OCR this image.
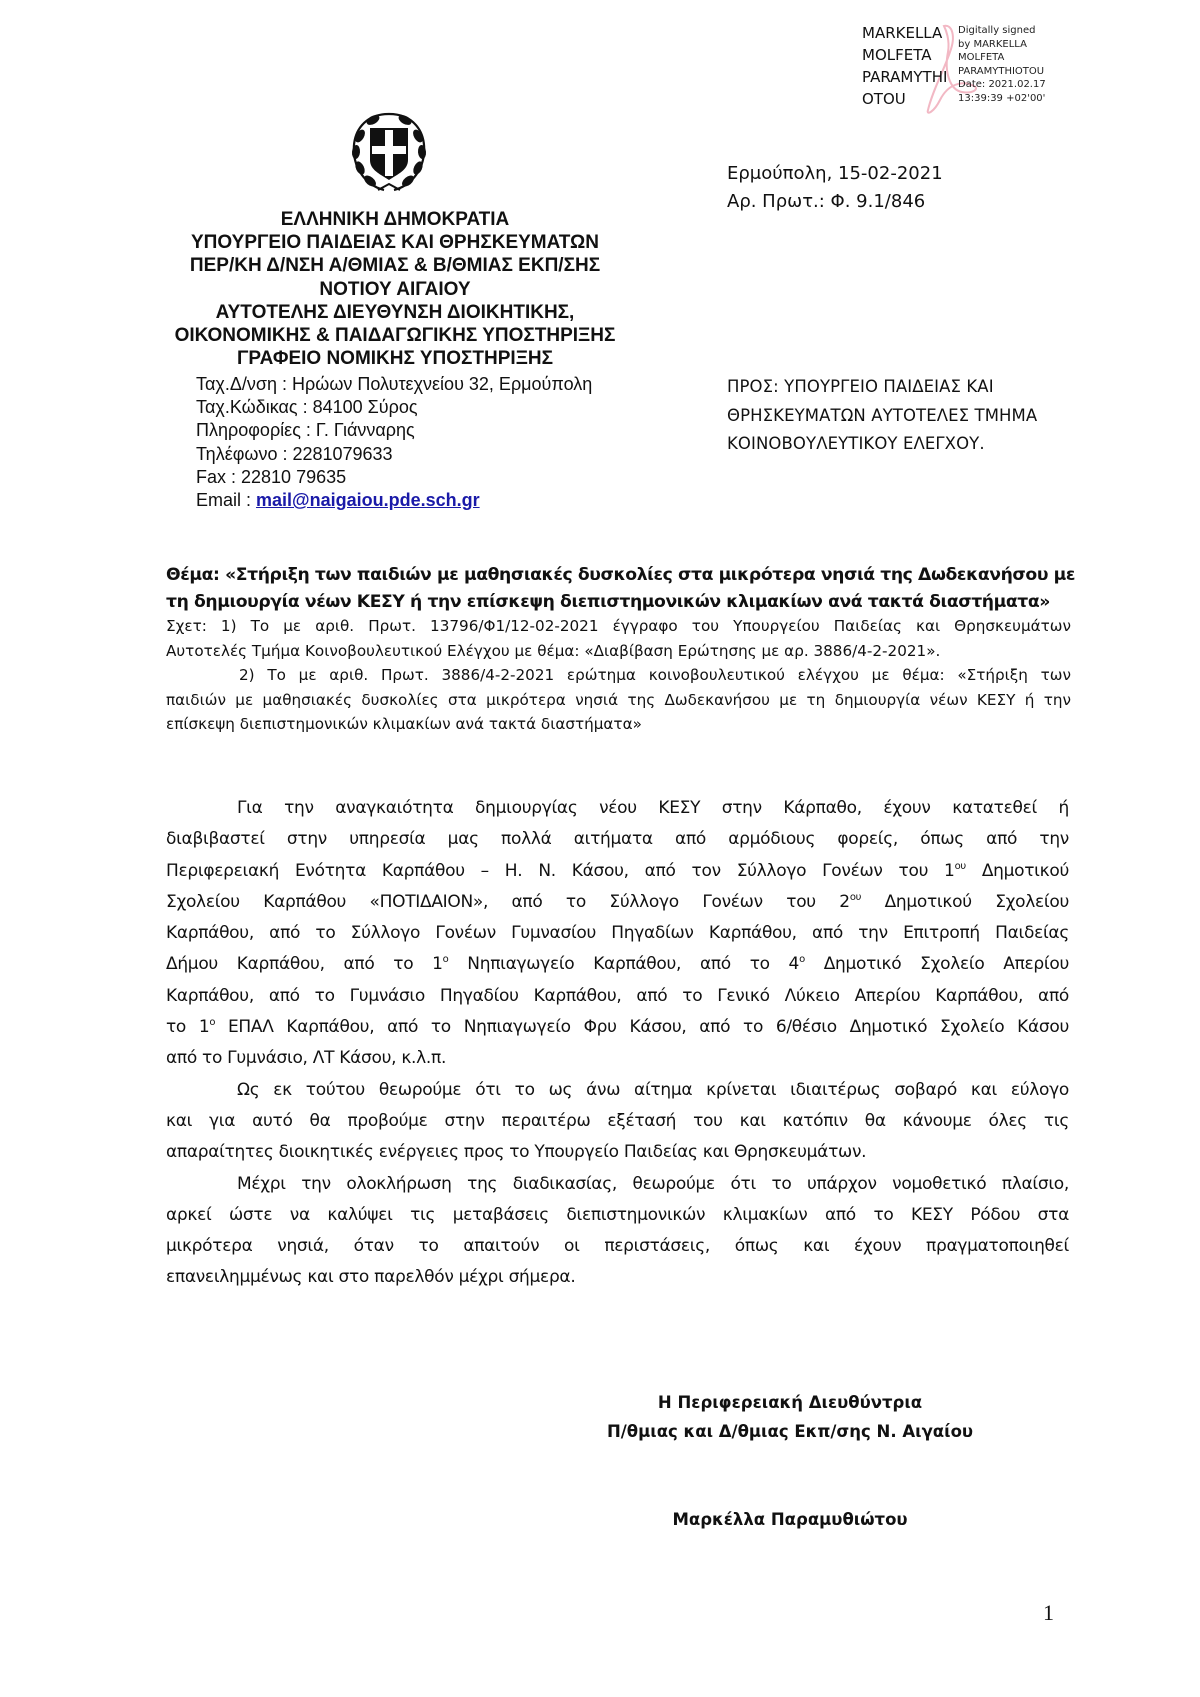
MARKELLA
MOLFETA
PARAMYTHI
OTOU
Digitally signed
by MARKELLA
MOLFETA
PARAMYTHIOTOU
Date: 2021.02.17
13:39:39 +02'00'
ΕΛΛΗΝΙΚΗ ΔΗΜΟΚΡΑΤΙΑ
ΥΠΟΥΡΓΕΙΟ ΠΑΙΔΕΙΑΣ ΚΑΙ ΘΡΗΣΚΕΥΜΑΤΩΝ
ΠΕΡ/ΚΗ Δ/ΝΣΗ Α/ΘΜΙΑΣ & Β/ΘΜΙΑΣ ΕΚΠ/ΣΗΣ
ΝΟΤΙΟΥ ΑΙΓΑΙΟΥ
ΑΥΤΟΤΕΛΗΣ ΔΙΕΥΘΥΝΣΗ ΔΙΟΙΚΗΤΙΚΗΣ,
ΟΙΚΟΝΟΜΙΚΗΣ & ΠΑΙΔΑΓΩΓΙΚΗΣ ΥΠΟΣΤΗΡΙΞΗΣ
ΓΡΑΦΕΙΟ ΝΟΜΙΚΗΣ ΥΠΟΣΤΗΡΙΞΗΣ
Ταχ.Δ/νση : Ηρώων Πολυτεχνείου 32, Ερμούπολη
Ταχ.Κώδικας : 84100 Σύρος
Πληροφορίες : Γ. Γιάνναρης
Τηλέφωνο : 2281079633
Fax : 22810 79635
Email : mail@naigaiou.pde.sch.gr
Ερμούπολη, 15-02-2021
Αρ. Πρωτ.: Φ. 9.1/846
ΠΡΟΣ: ΥΠΟΥΡΓΕΙΟ ΠΑΙΔΕΙΑΣ ΚΑΙ
ΘΡΗΣΚΕΥΜΑΤΩΝ ΑΥΤΟΤΕΛΕΣ ΤΜΗΜΑ
ΚΟΙΝΟΒΟΥΛΕΥΤΙΚΟΥ ΕΛΕΓΧΟΥ.
Θέμα: «Στήριξη των παιδιών με μαθησιακές δυσκολίες στα μικρότερα νησιά της Δωδεκανήσου με
τη δημιουργία νέων ΚΕΣΥ ή την επίσκεψη διεπιστημονικών κλιμακίων ανά τακτά διαστήματα»
Σχετ: 1) Το με αριθ. Πρωτ. 13796/Φ1/12-02-2021 έγγραφο του Υπουργείου Παιδείας και Θρησκευμάτων
Αυτοτελές Τμήμα Κοινοβουλευτικού Ελέγχου με θέμα: «Διαβίβαση Ερώτησης με αρ. 3886/4-2-2021».
2) Το με αριθ. Πρωτ. 3886/4-2-2021 ερώτημα κοινοβουλευτικού ελέγχου με θέμα: «Στήριξη των
παιδιών με μαθησιακές δυσκολίες στα μικρότερα νησιά της Δωδεκανήσου με τη δημιουργία νέων ΚΕΣΥ ή την
επίσκεψη διεπιστημονικών κλιμακίων ανά τακτά διαστήματα»
Για την αναγκαιότητα δημιουργίας νέου ΚΕΣΥ στην Κάρπαθο, έχουν κατατεθεί ή
διαβιβαστεί στην υπηρεσία μας πολλά αιτήματα από αρμόδιους φορείς, όπως από την
Περιφερειακή Ενότητα Καρπάθου – Η. Ν. Κάσου, από τον Σύλλογο Γονέων του $1^{o\upsilon}$ Δημοτικού
Σχολείου Καρπάθου «ΠΟΤΙΔΑΙΟΝ», από το Σύλλογο Γονέων του $2^{o\upsilon}$ Δημοτικού Σχολείου
Καρπάθου, από το Σύλλογο Γονέων Γυμνασίου Πηγαδίων Καρπάθου, από την Επιτροπή Παιδείας
Δήμου Καρπάθου, από το $1^o$ Νηπιαγωγείο Καρπάθου, από το $4^o$ Δημοτικό Σχολείο Απερίου
Καρπάθου, από το Γυμνάσιο Πηγαδίου Καρπάθου, από το Γενικό Λύκειο Απερίου Καρπάθου, από
το $1^o$ ΕΠΑΛ Καρπάθου, από το Νηπιαγωγείο Φρυ Κάσου, από το 6/θέσιο Δημοτικό Σχολείο Κάσου
από το Γυμνάσιο, ΛΤ Κάσου, κ.λ.π.
Ως εκ τούτου θεωρούμε ότι το ως άνω αίτημα κρίνεται ιδιαιτέρως σοβαρό και εύλογο
και για αυτό θα προβούμε στην περαιτέρω εξέτασή του και κατόπιν θα κάνουμε όλες τις
απαραίτητες διοικητικές ενέργειες προς το Υπουργείο Παιδείας και Θρησκευμάτων.
Μέχρι την ολοκλήρωση της διαδικασίας, θεωρούμε ότι το υπάρχον νομοθετικό πλαίσιο,
αρκεί ώστε να καλύψει τις μεταβάσεις διεπιστημονικών κλιμακίων από το ΚΕΣΥ Ρόδου στα
μικρότερα νησιά, όταν το απαιτούν οι περιστάσεις, όπως και έχουν πραγματοποιηθεί
επανειλημμένως και στο παρελθόν μέχρι σήμερα.
Η Περιφερειακή Διευθύντρια
Π/θμιας και Δ/θμιας Εκπ/σης Ν. Αιγαίου
Μαρκέλλα Παραμυθιώτου
1
